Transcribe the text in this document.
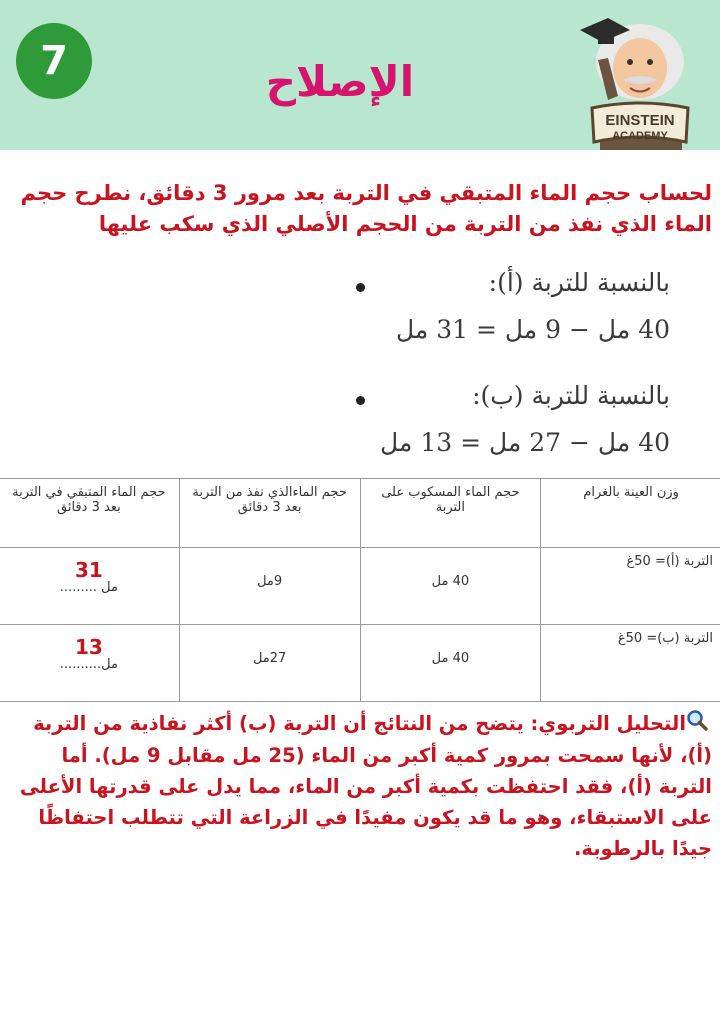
7	الإصلاح
EINSTEIN
ACADEMY
لحساب حجم الماء المتبقي في التربة بعد مرور 3 دقائق، نطرح حجم الماء الذي نفذ من التربة من الحجم الأصلي الذي سكب عليها
بالنسبة للتربة (أ):
40 مل − 9 مل = 31 مل
بالنسبة للتربة (ب):
40 مل − 27 مل = 13 مل
وزن العينة بالغرام	حجم الماء المسكوب على التربة	حجم الماءالذي نفذ من التربة بعد 3 دقائق	حجم الماء المتبقي في التربة بعد 3 دقائق
التربة (أ)= 50غ	40 مل	9مل	31
مل .........
التربة (ب)= 50غ	40 مل	27مل	13
مل..........
التحليل التربوي: يتضح من النتائج أن التربة (ب) أكثر نفاذية من التربة (أ)، لأنها سمحت بمرور كمية أكبر من الماء (25 مل مقابل 9 مل). أما التربة (أ)، فقد احتفظت بكمية أكبر من الماء، مما يدل على قدرتها الأعلى على الاستبقاء، وهو ما قد يكون مفيدًا في الزراعة التي تتطلب احتفاظًا جيدًا بالرطوبة.
